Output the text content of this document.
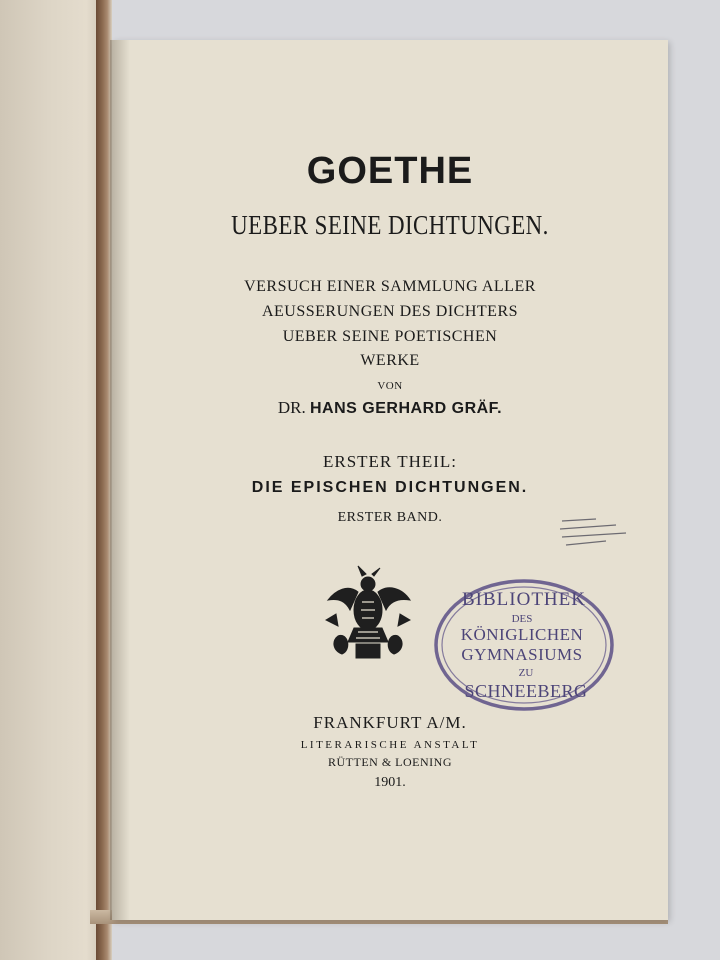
GOETHE
UEBER SEINE DICHTUNGEN.
VERSUCH EINER SAMMLUNG ALLER
AEUSSERUNGEN DES DICHTERS
UEBER SEINE POETISCHEN
WERKE
VON
DR. HANS GERHARD GRÄF.
ERSTER THEIL:
DIE EPISCHEN DICHTUNGEN.
ERSTER BAND.
BIBLIOTHEK
DES
KÖNIGLICHEN
GYMNASIUMS
ZU
SCHNEEBERG
FRANKFURT A/M.
LITERARISCHE ANSTALT
RÜTTEN & LOENING
1901.
